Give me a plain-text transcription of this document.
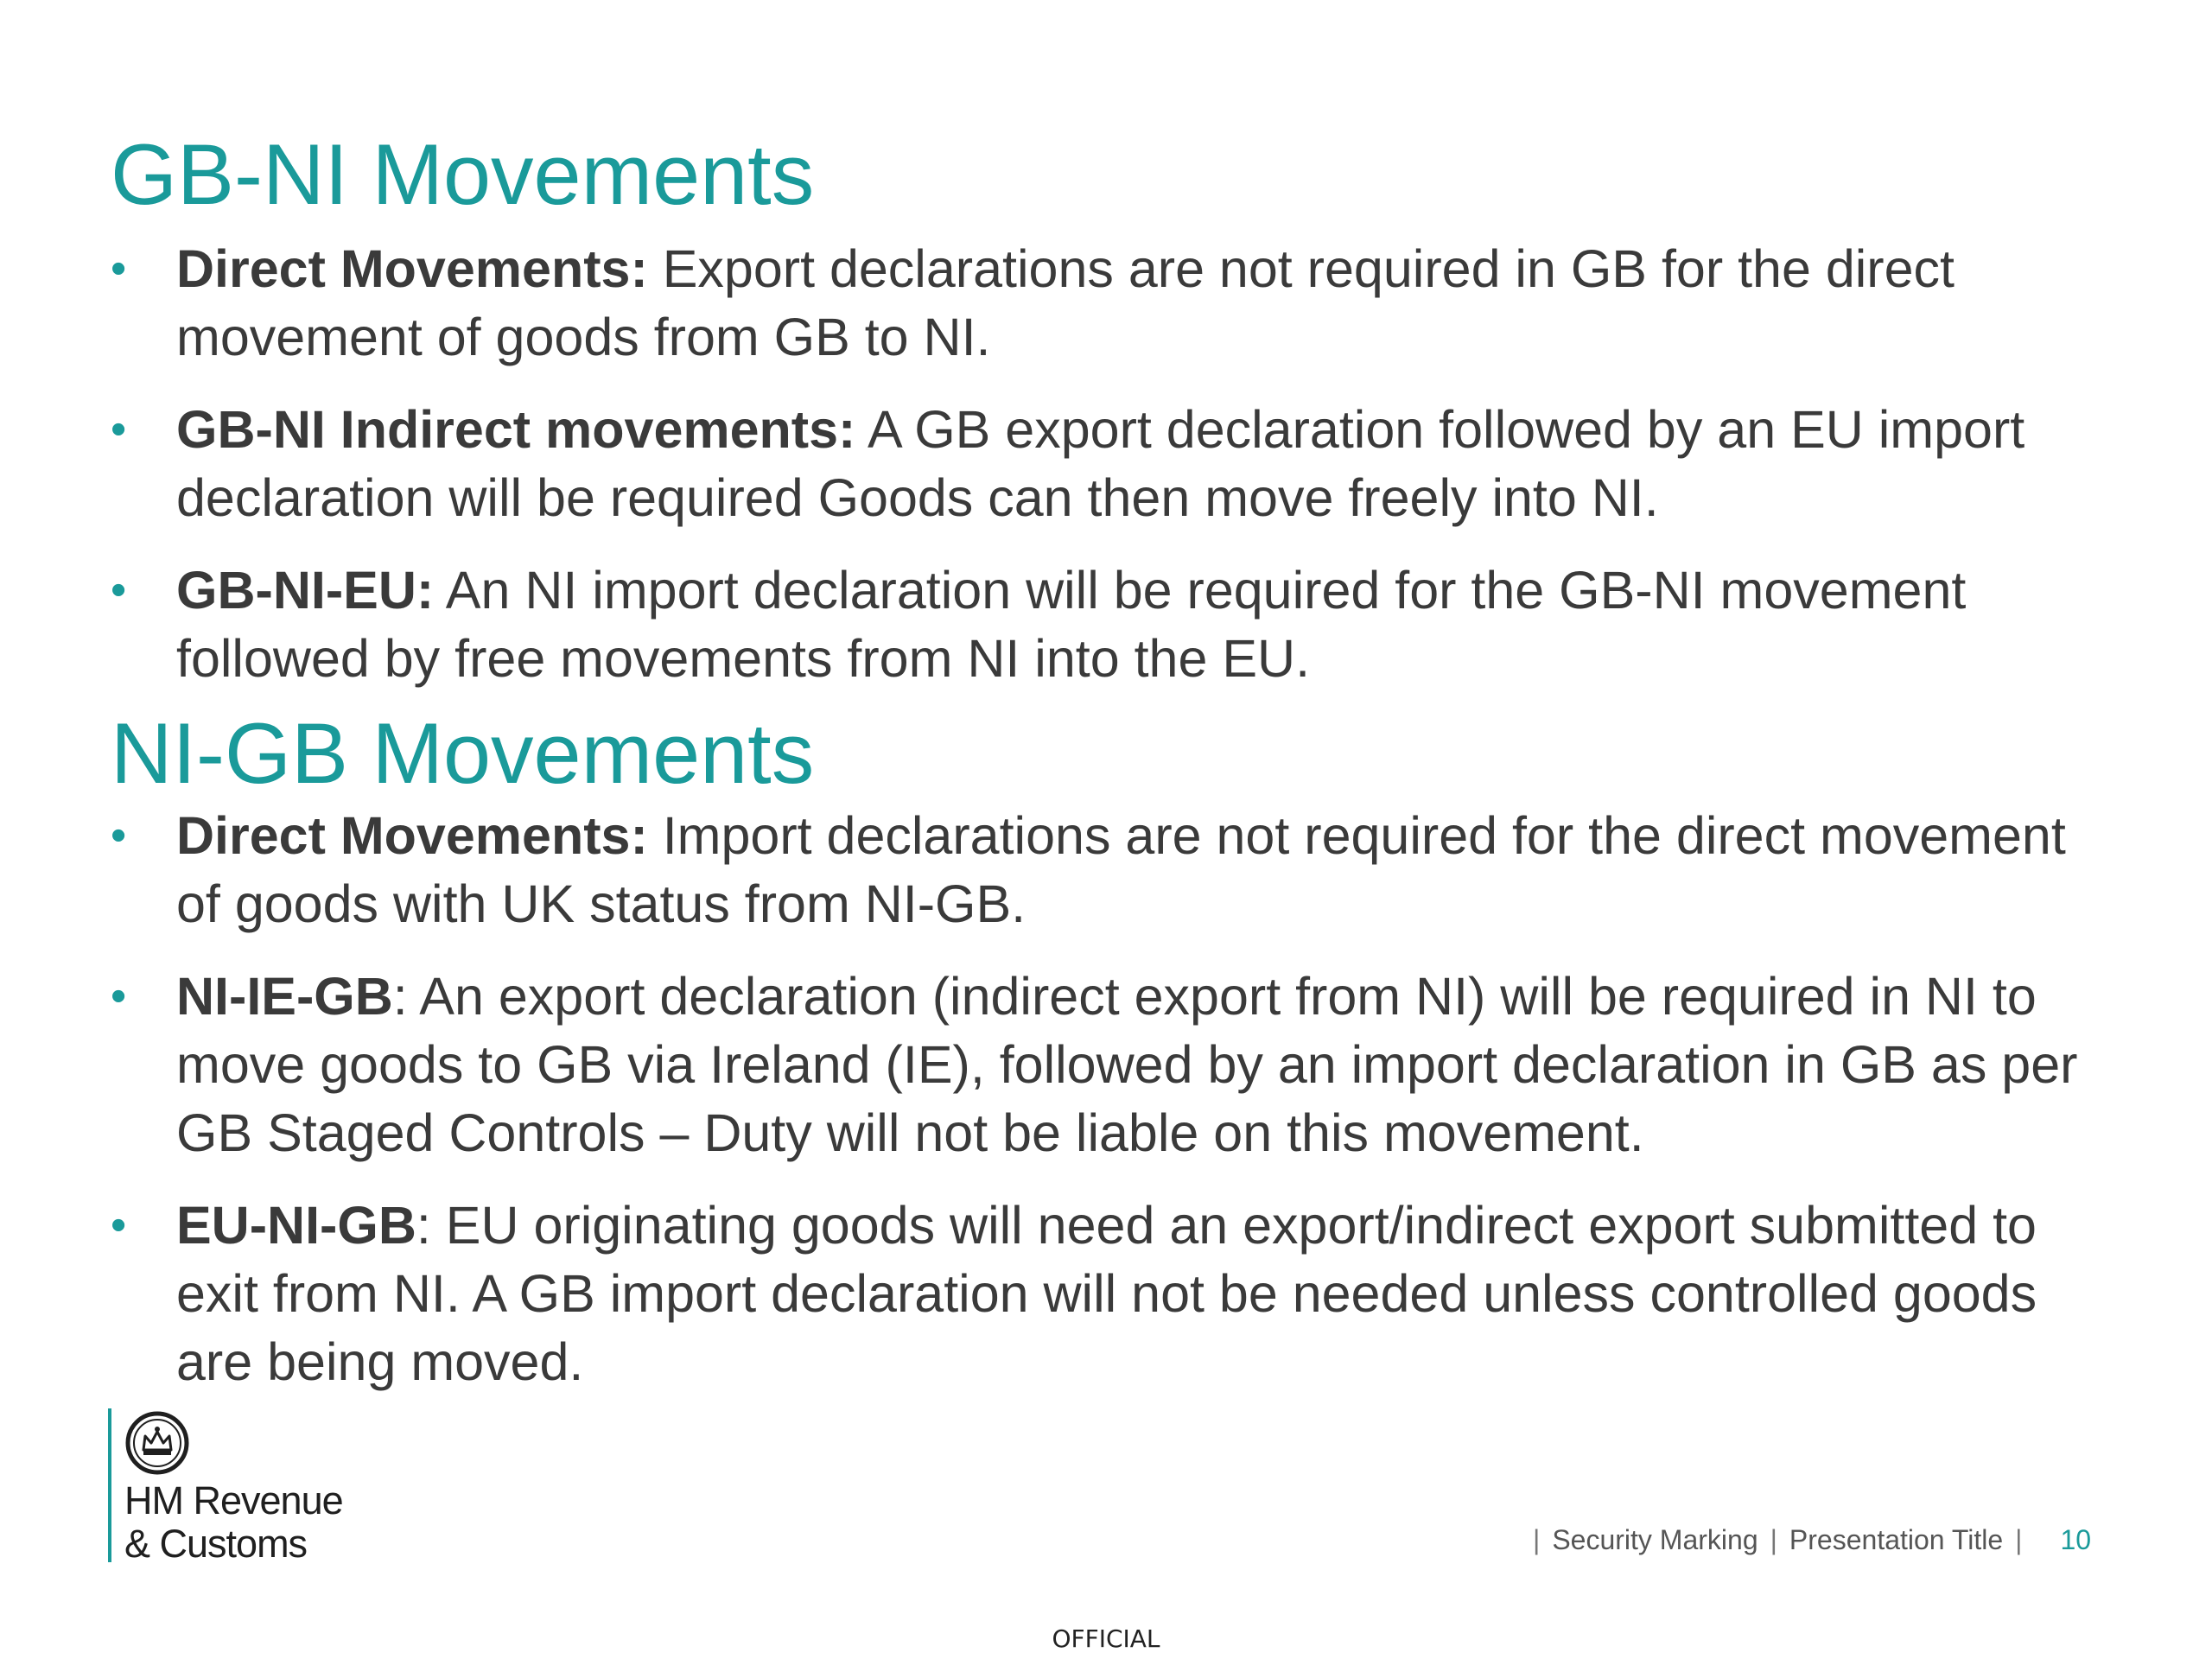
GB-NI Movements
• Direct Movements: Export declarations are not required in GB for the direct movement of goods from GB to NI.
• GB-NI Indirect movements: A GB export declaration followed by an EU import declaration will be required Goods can then move freely into NI.
• GB-NI-EU: An NI import declaration will be required for the GB-NI movement followed by free movements from NI into the EU.
NI-GB Movements
• Direct Movements: Import declarations are not required for the direct movement of goods with UK status from NI-GB.
• NI-IE-GB: An export declaration (indirect export from NI) will be required in NI to move goods to GB via Ireland (IE), followed by an import declaration in GB as per GB Staged Controls – Duty will not be liable on this movement.
• EU-NI-GB: EU originating goods will need an export/indirect export submitted to exit from NI. A GB import declaration will not be needed unless controlled goods are being moved.
HM Revenue
& Customs	| Security Marking | Presentation Title | 10
OFFICIAL
